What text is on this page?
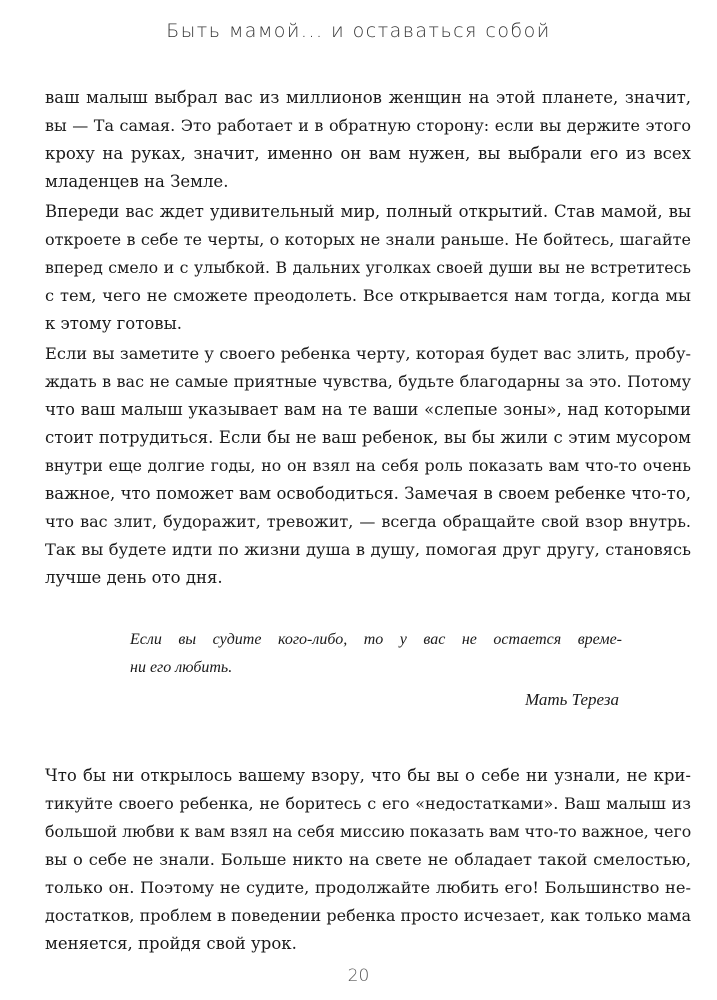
Быть мамой... и оставаться собой
ваш малыш выбрал вас из миллионов женщин на этой планете, значит,
вы — Та самая. Это работает и в обратную сторону: если вы держите этого
кроху на руках, значит, именно он вам нужен, вы выбрали его из всех
младенцев на Земле.
Впереди вас ждет удивительный мир, полный открытий. Став мамой, вы
откроете в себе те черты, о которых не знали раньше. Не бойтесь, шагайте
вперед смело и с улыбкой. В дальних уголках своей души вы не встретитесь
с тем, чего не сможете преодолеть. Все открывается нам тогда, когда мы
к этому готовы.
Если вы заметите у своего ребенка черту, которая будет вас злить, пробу-
ждать в вас не самые приятные чувства, будьте благодарны за это. Потому
что ваш малыш указывает вам на те ваши «слепые зоны», над которыми
стоит потрудиться. Если бы не ваш ребенок, вы бы жили с этим мусором
внутри еще долгие годы, но он взял на себя роль показать вам что-то очень
важное, что поможет вам освободиться. Замечая в своем ребенке что-то,
что вас злит, будоражит, тревожит, — всегда обращайте свой взор внутрь.
Так вы будете идти по жизни душа в душу, помогая друг другу, становясь
лучше день ото дня.
Если вы судите кого-либо, то у вас не остается време-
ни его любить.
Мать Тереза
Что бы ни открылось вашему взору, что бы вы о себе ни узнали, не кри-
тикуйте своего ребенка, не боритесь с его «недостатками». Ваш малыш из
большой любви к вам взял на себя миссию показать вам что-то важное, чего
вы о себе не знали. Больше никто на свете не обладает такой смелостью,
только он. Поэтому не судите, продолжайте любить его! Большинство не-
достатков, проблем в поведении ребенка просто исчезает, как только мама
меняется, пройдя свой урок.
20
